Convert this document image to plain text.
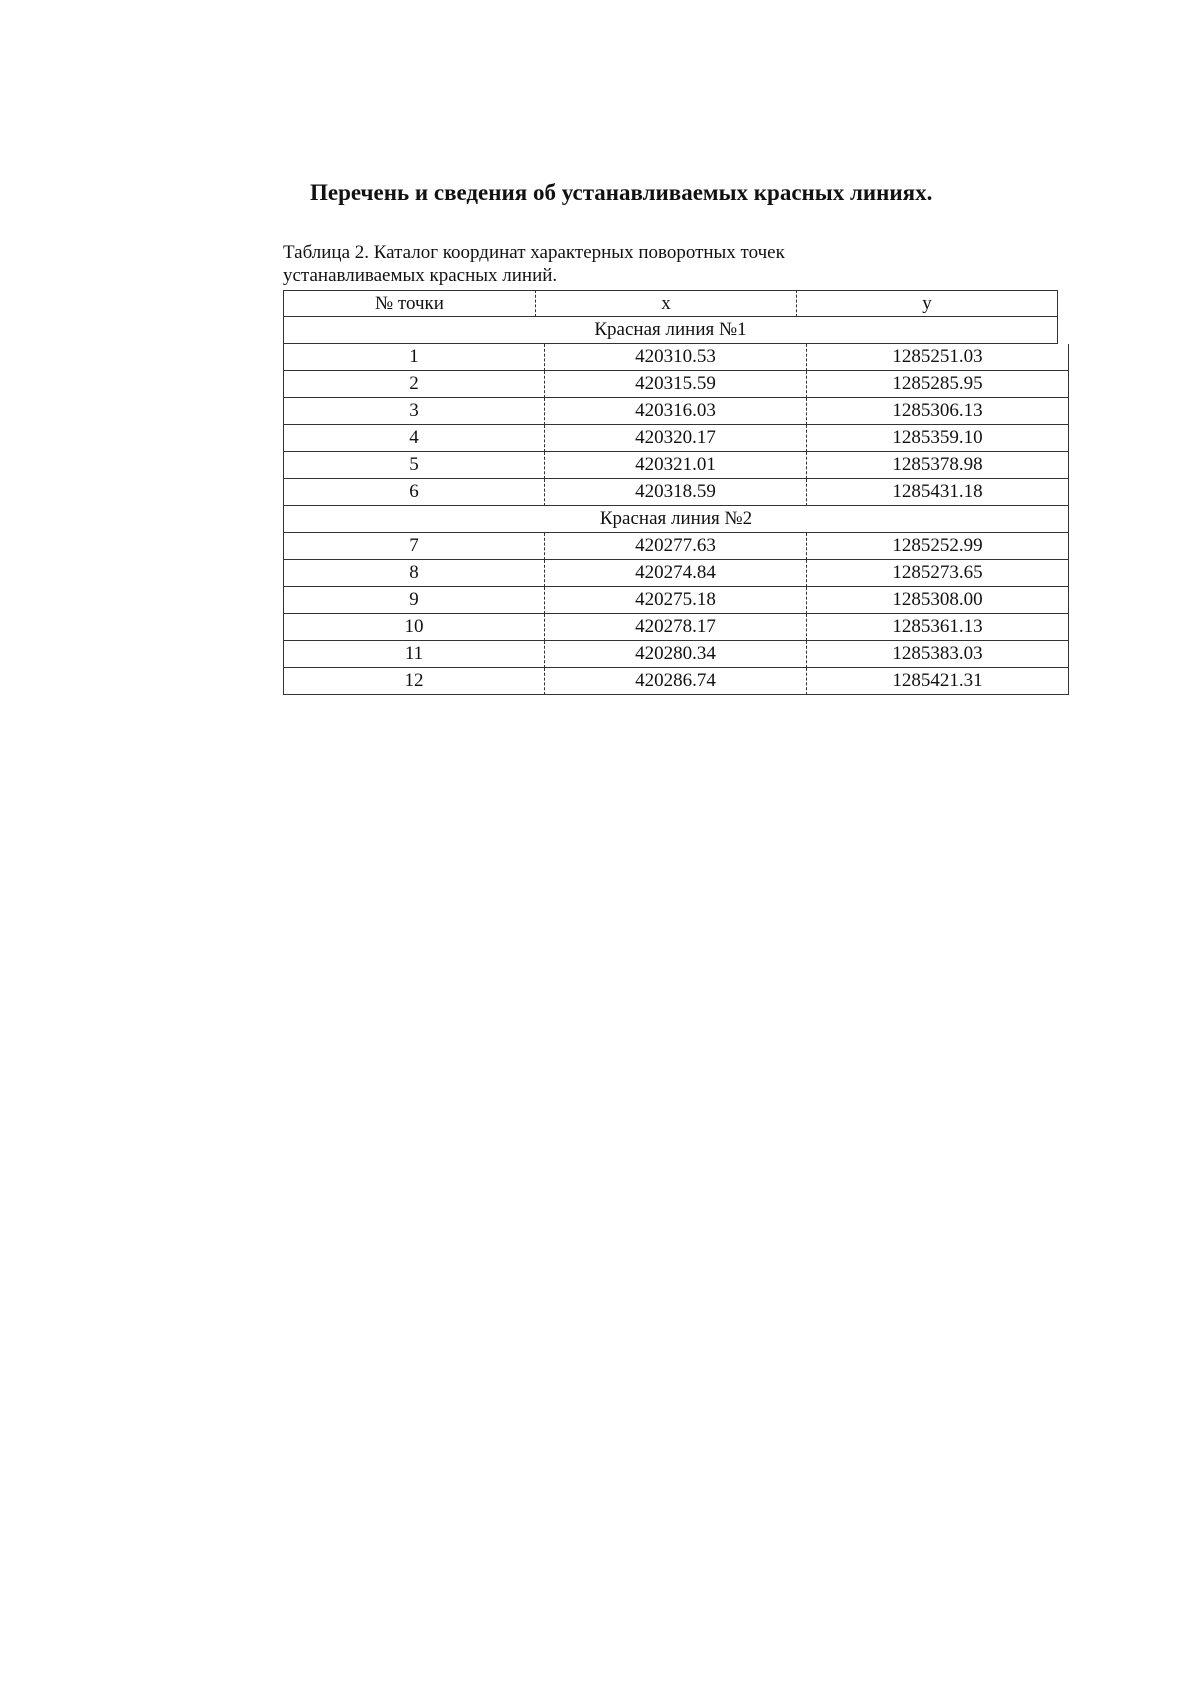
Перечень и сведения об устанавливаемых красных линиях.
Таблица 2. Каталог координат характерных поворотных точек
устанавливаемых красных линий.
№ точки	x	y
Красная линия №1
1	420310.53	1285251.03
2	420315.59	1285285.95
3	420316.03	1285306.13
4	420320.17	1285359.10
5	420321.01	1285378.98
6	420318.59	1285431.18
Красная линия №2
7	420277.63	1285252.99
8	420274.84	1285273.65
9	420275.18	1285308.00
10	420278.17	1285361.13
11	420280.34	1285383.03
12	420286.74	1285421.31
